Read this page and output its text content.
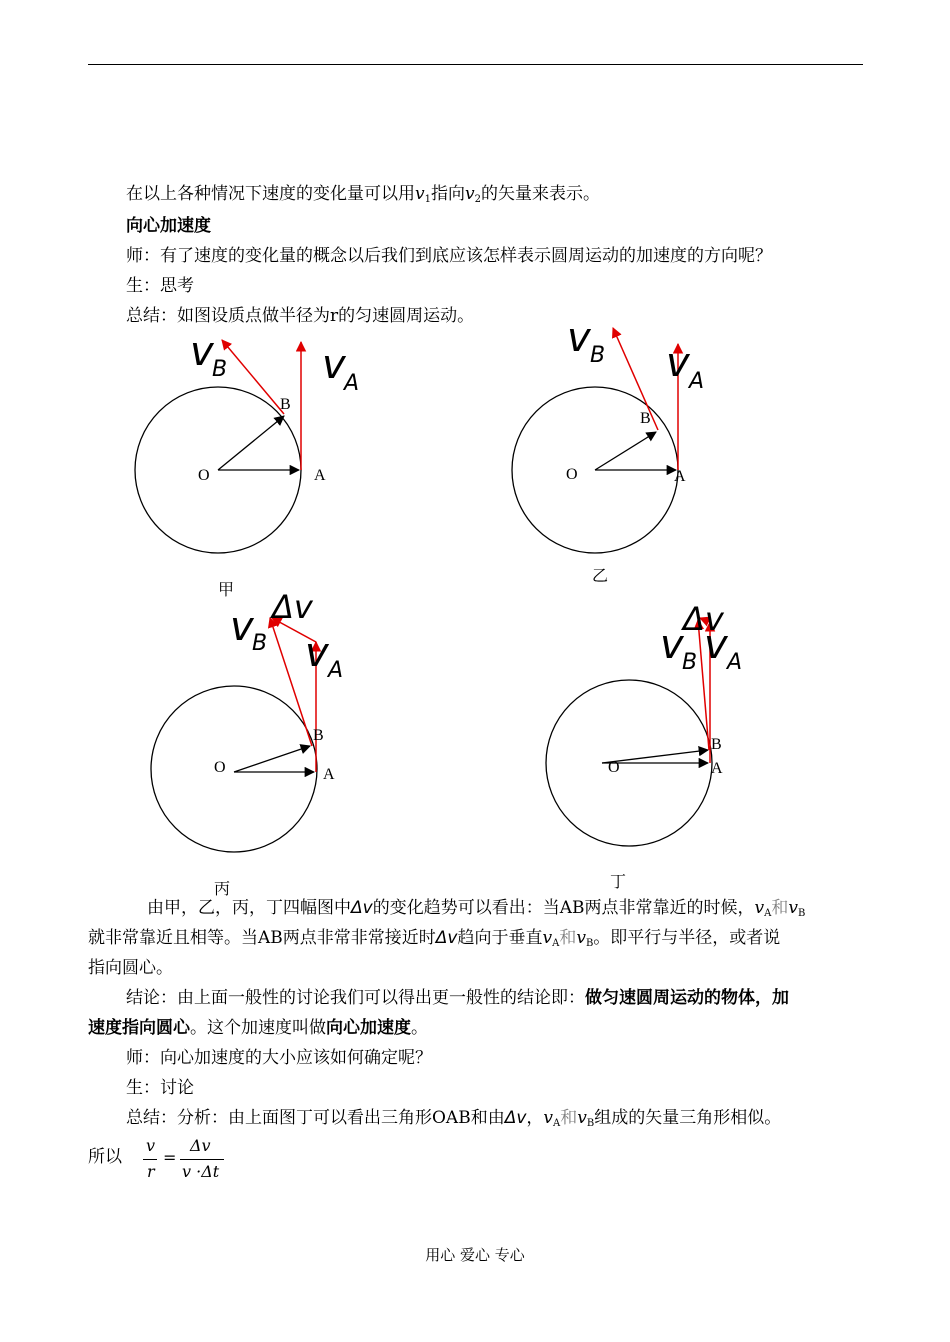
在以上各种情况下速度的变化量可以用$v_1$指向$v_2$的矢量来表示。
向心加速度
师：有了速度的变化量的概念以后我们到底应该怎样表示圆周运动的加速度的方向呢？
生：思考
总结：如图设质点做半径为r的匀速圆周运动。
O	A
B
v
B v
A
甲
O	A
B
v B v A
乙
O	A
B
Δv
v
B v A
丙
O	A
B
Δv
v
B v A
丁
由甲，乙，丙，丁四幅图中Δv的变化趋势可以看出：当AB两点非常靠近的时候，$v_A$和$v_B$
就非常靠近且相等。当AB两点非常非常接近时Δv趋向于垂直$v_A$和$v_B$。即平行与半径，或者说
指向圆心。
结论：由上面一般性的讨论我们可以得出更一般性的结论即：做匀速圆周运动的物体，加
速度指向圆心。这个加速度叫做向心加速度。
师：向心加速度的大小应该如何确定呢？
生：讨论
总结：分析：由上面图丁可以看出三角形OAB和由Δv，$v_A$和$v_B$组成的矢量三角形相似。
所以
v
r
=
Δv
v ·Δt
用心 爱心 专心
